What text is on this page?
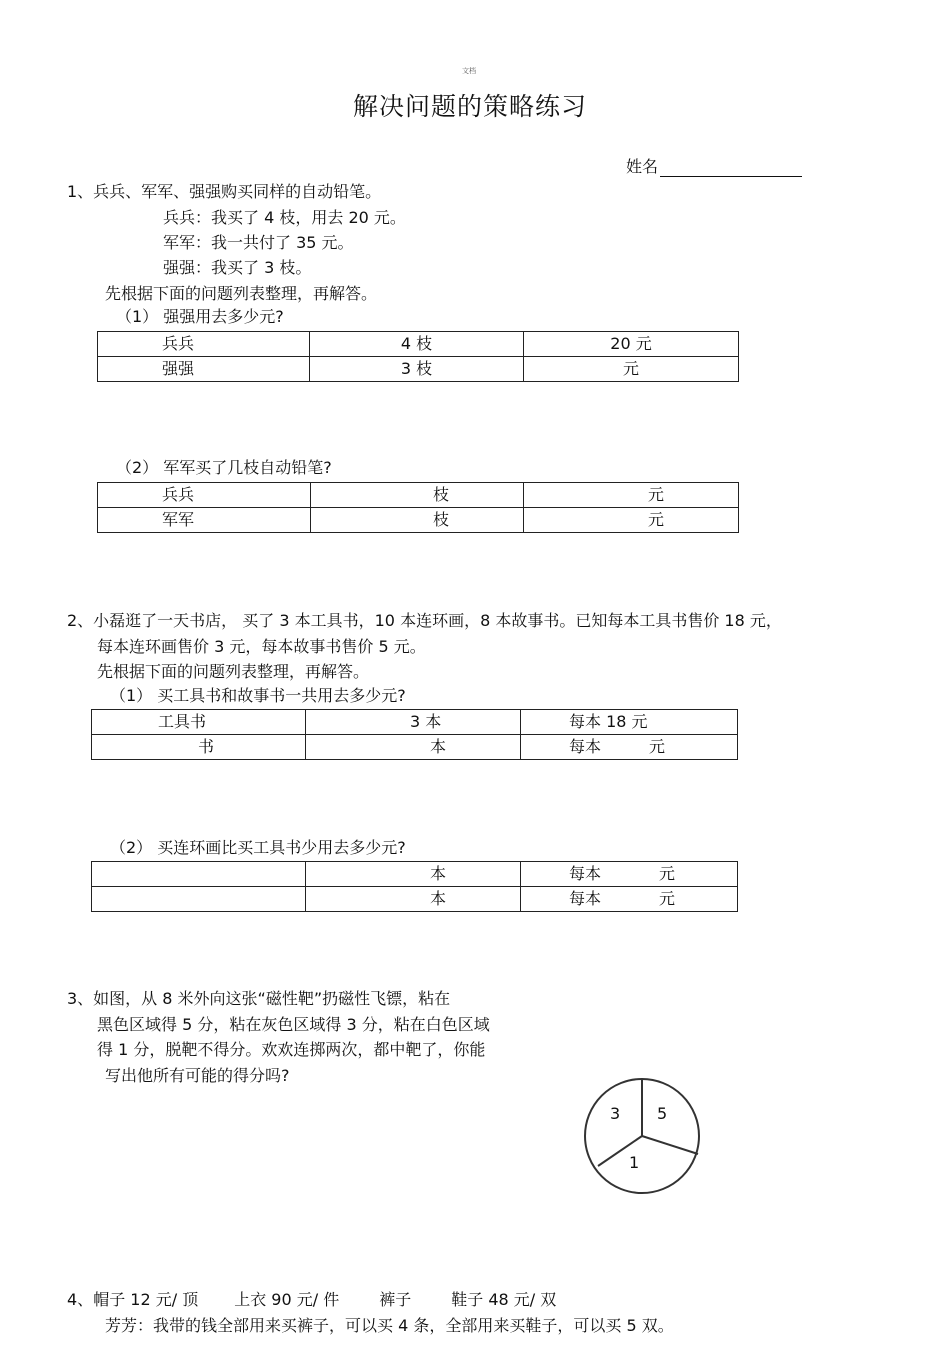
文档
解决问题的策略练习
姓名
1、兵兵、军军、强强购买同样的自动铅笔。
兵兵：我买了 4 枝，用去 20 元。
军军：我一共付了 35 元。
强强：我买了 3 枝。
先根据下面的问题列表整理，再解答。
（1） 强强用去多少元?
兵兵	4 枝	20 元
强强	3 枝	元
（2） 军军买了几枝自动铅笔?
兵兵	枝	元
军军	枝	元
2、小磊逛了一天书店， 买了 3 本工具书，10 本连环画，8 本故事书。已知每本工具书售价 18 元，
每本连环画售价 3 元，每本故事书售价 5 元。
先根据下面的问题列表整理，再解答。
（1） 买工具书和故事书一共用去多少元?
工具书	3 本	每本 18 元
书	本	每本 元
（2） 买连环画比买工具书少用去多少元?
	本	每本 元
	本	每本 元
3、如图，从 8 米外向这张“磁性靶”扔磁性飞镖，粘在
黑色区域得 5 分，粘在灰色区域得 3 分，粘在白色区域
得 1 分，脱靶不得分。欢欢连掷两次，都中靶了，你能
写出他所有可能的得分吗?
3 5
1
4、帽子 12 元/ 顶 上衣 90 元/ 件	裤子	鞋子 48 元/ 双
芳芳：我带的钱全部用来买裤子，可以买 4 条，全部用来买鞋子，可以买 5 双。
